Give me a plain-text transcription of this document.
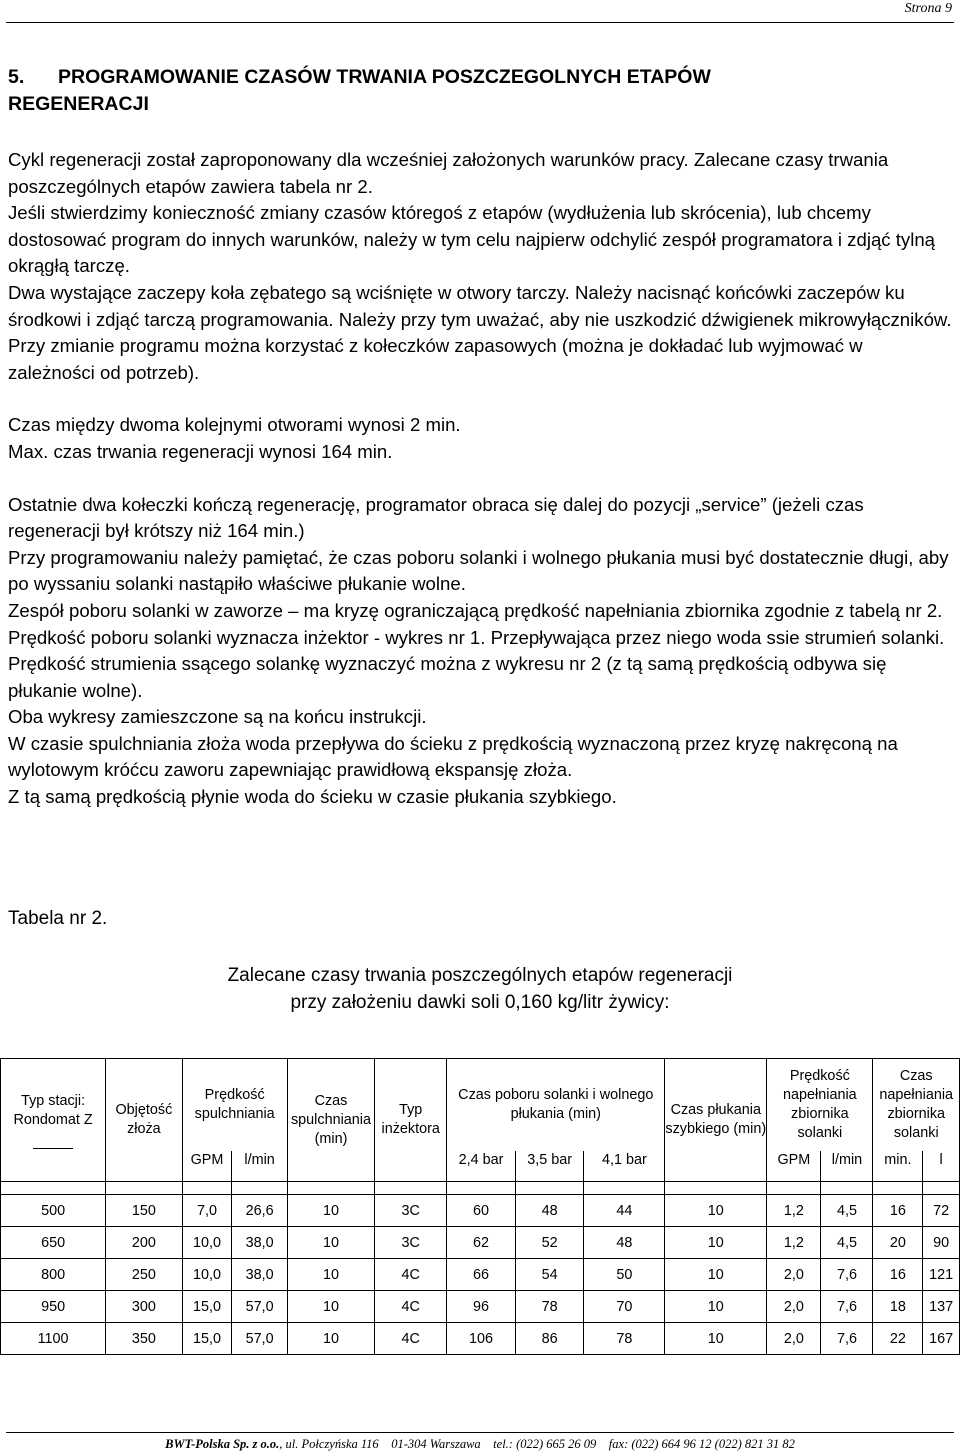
Strona 9
5. PROGRAMOWANIE CZASÓW TRWANIA POSZCZEGOLNYCH ETAPÓW
REGENERACJI

Cykl regeneracji został zaproponowany dla wcześniej założonych warunków pracy. Zalecane czasy trwania poszczególnych etapów zawiera tabela nr 2.

Jeśli stwierdzimy konieczność zmiany czasów któregoś z etapów (wydłużenia lub skrócenia), lub chcemy dostosować program do innych warunków, należy w tym celu najpierw odchylić zespół programatora i zdjąć tylną okrągłą tarczę.

Dwa wystające zaczepy koła zębatego są wciśnięte w otwory tarczy. Należy nacisnąć końcówki zaczepów ku środkowi i zdjąć tarczą programowania. Należy przy tym uważać, aby nie uszkodzić dźwigienek mikrowyłączników.

Przy zmianie programu można korzystać z kołeczków zapasowych (można je dokładać lub wyjmować w zależności od potrzeb).

Czas między dwoma kolejnymi otworami wynosi 2 min.

Max. czas trwania regeneracji wynosi 164 min.

Ostatnie dwa kołeczki kończą regenerację, programator obraca się dalej do pozycji „service” (jeżeli czas regeneracji był krótszy niż 164 min.)

Przy programowaniu należy pamiętać, że czas poboru solanki i wolnego płukania musi być dostatecznie długi, aby po wyssaniu solanki nastąpiło właściwe płukanie wolne.

Zespół poboru solanki w zaworze – ma kryzę ograniczającą prędkość napełniania zbiornika zgodnie z tabelą nr 2.

Prędkość poboru solanki wyznacza inżektor - wykres nr 1. Przepływająca przez niego woda ssie strumień solanki.

Prędkość strumienia ssącego solankę wyznaczyć można z wykresu nr 2 (z tą samą prędkością odbywa się płukanie wolne).

Oba wykresy zamieszczone są na końcu instrukcji.

W czasie spulchniania złoża woda przepływa do ścieku z prędkością wyznaczoną przez kryzę nakręconą na wylotowym króćcu zaworu zapewniając prawidłową ekspansję złoża.

Z tą samą prędkością płynie woda do ścieku w czasie płukania szybkiego.

Tabela nr 2.

Zalecane czasy trwania poszczególnych etapów regeneracji
przy założeniu dawki soli 0,160 kg/litr żywicy:
Typ stacji: Rondomat Z	Objętość złoża	Prędkość spulchniania		Czas spulchniania (min)	Typ inżektora	Czas poboru solanki i wolnego płukania (min)			Czas płukania szybkiego (min)	Prędkość napełniania zbiornika solanki		Czas napełniania zbiornika solanki	
		GPM	l/min			2,4 bar	3,5 bar	4,1 bar		GPM	l/min	min.	l

500	150	7,0	26,6	10	3C	60	48	44	10	1,2	4,5	16	72
650	200	10,0	38,0	10	3C	62	52	48	10	1,2	4,5	20	90
800	250	10,0	38,0	10	4C	66	54	50	10	2,0	7,6	16	121
950	300	15,0	57,0	10	4C	96	78	70	10	2,0	7,6	18	137
1100	350	15,0	57,0	10	4C	106	86	78	10	2,0	7,6	22	167
BWT-Polska Sp. z o.o., ul. Połczyńska 116 01-304 Warszawa tel.: (022) 665 26 09 fax: (022) 664 96 12 (022) 821 31 82
